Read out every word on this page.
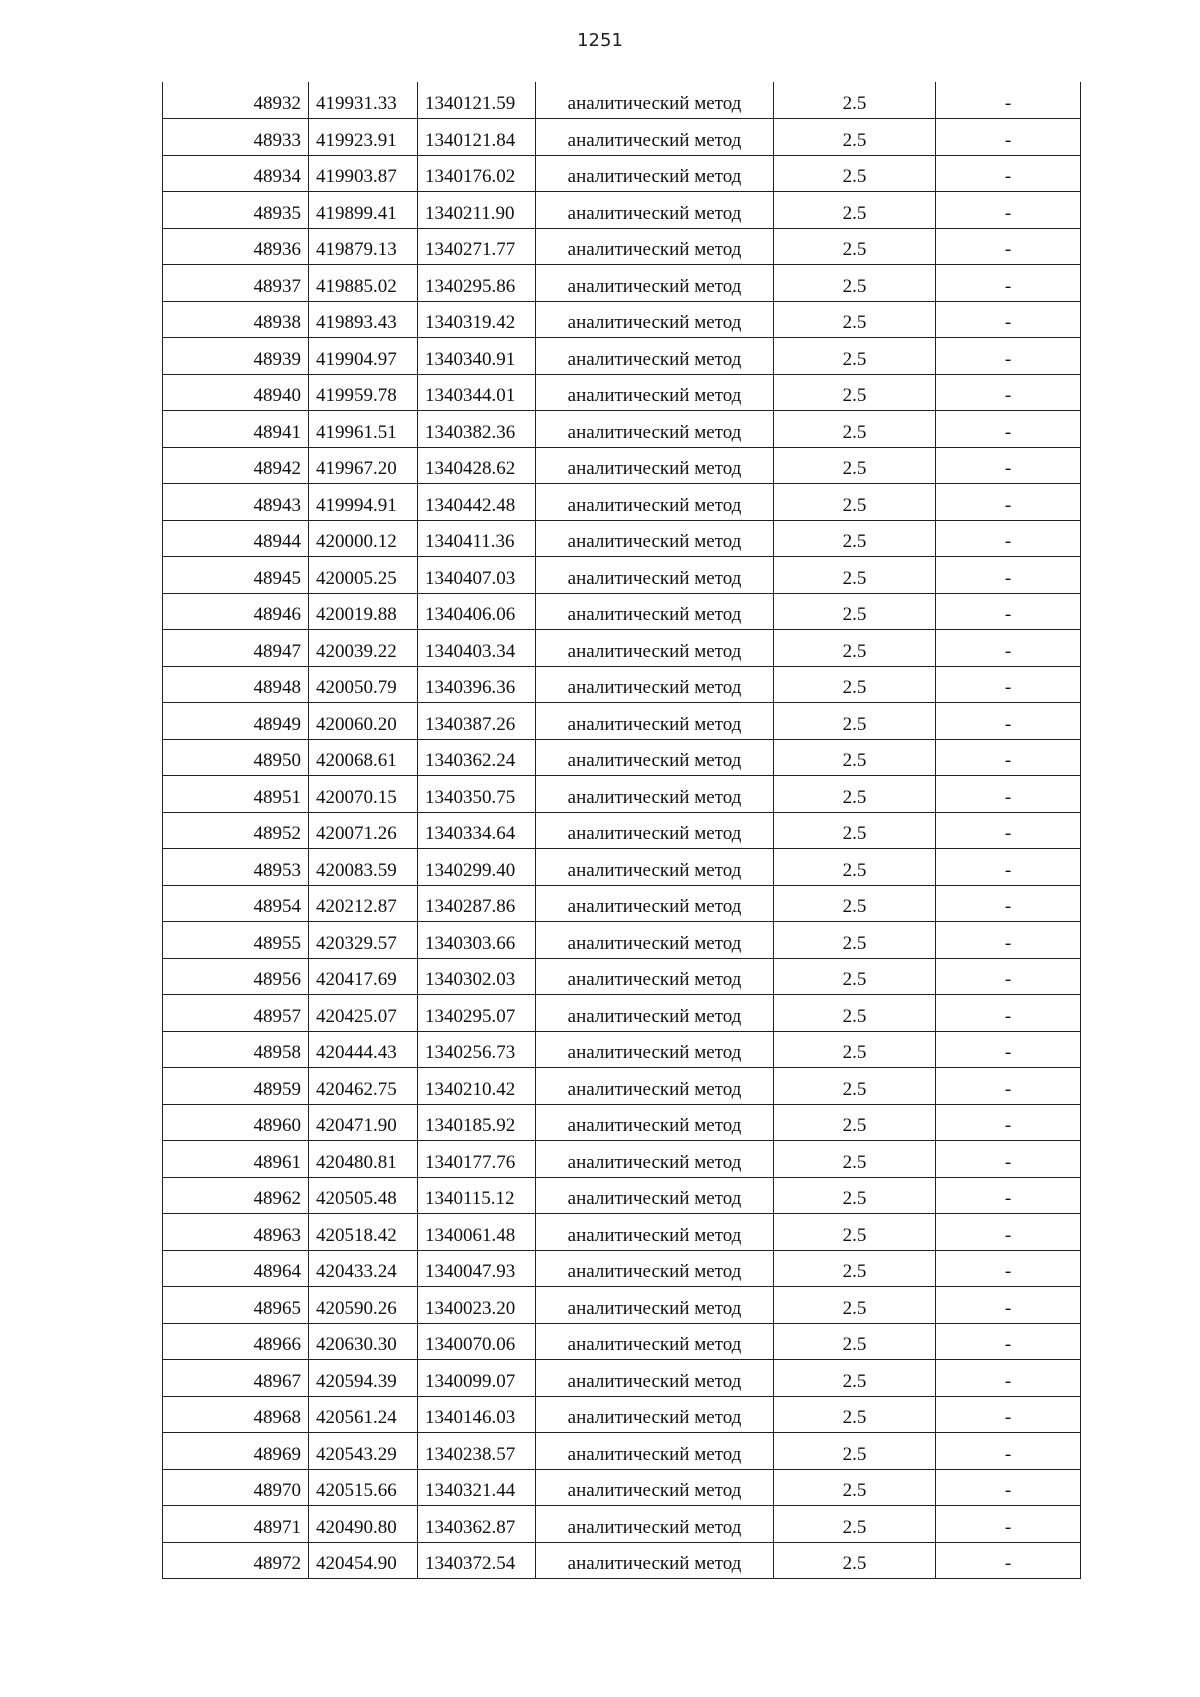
1251
48932	419931.33	1340121.59	аналитический метод	2.5	-
48933	419923.91	1340121.84	аналитический метод	2.5	-
48934	419903.87	1340176.02	аналитический метод	2.5	-
48935	419899.41	1340211.90	аналитический метод	2.5	-
48936	419879.13	1340271.77	аналитический метод	2.5	-
48937	419885.02	1340295.86	аналитический метод	2.5	-
48938	419893.43	1340319.42	аналитический метод	2.5	-
48939	419904.97	1340340.91	аналитический метод	2.5	-
48940	419959.78	1340344.01	аналитический метод	2.5	-
48941	419961.51	1340382.36	аналитический метод	2.5	-
48942	419967.20	1340428.62	аналитический метод	2.5	-
48943	419994.91	1340442.48	аналитический метод	2.5	-
48944	420000.12	1340411.36	аналитический метод	2.5	-
48945	420005.25	1340407.03	аналитический метод	2.5	-
48946	420019.88	1340406.06	аналитический метод	2.5	-
48947	420039.22	1340403.34	аналитический метод	2.5	-
48948	420050.79	1340396.36	аналитический метод	2.5	-
48949	420060.20	1340387.26	аналитический метод	2.5	-
48950	420068.61	1340362.24	аналитический метод	2.5	-
48951	420070.15	1340350.75	аналитический метод	2.5	-
48952	420071.26	1340334.64	аналитический метод	2.5	-
48953	420083.59	1340299.40	аналитический метод	2.5	-
48954	420212.87	1340287.86	аналитический метод	2.5	-
48955	420329.57	1340303.66	аналитический метод	2.5	-
48956	420417.69	1340302.03	аналитический метод	2.5	-
48957	420425.07	1340295.07	аналитический метод	2.5	-
48958	420444.43	1340256.73	аналитический метод	2.5	-
48959	420462.75	1340210.42	аналитический метод	2.5	-
48960	420471.90	1340185.92	аналитический метод	2.5	-
48961	420480.81	1340177.76	аналитический метод	2.5	-
48962	420505.48	1340115.12	аналитический метод	2.5	-
48963	420518.42	1340061.48	аналитический метод	2.5	-
48964	420433.24	1340047.93	аналитический метод	2.5	-
48965	420590.26	1340023.20	аналитический метод	2.5	-
48966	420630.30	1340070.06	аналитический метод	2.5	-
48967	420594.39	1340099.07	аналитический метод	2.5	-
48968	420561.24	1340146.03	аналитический метод	2.5	-
48969	420543.29	1340238.57	аналитический метод	2.5	-
48970	420515.66	1340321.44	аналитический метод	2.5	-
48971	420490.80	1340362.87	аналитический метод	2.5	-
48972	420454.90	1340372.54	аналитический метод	2.5	-
